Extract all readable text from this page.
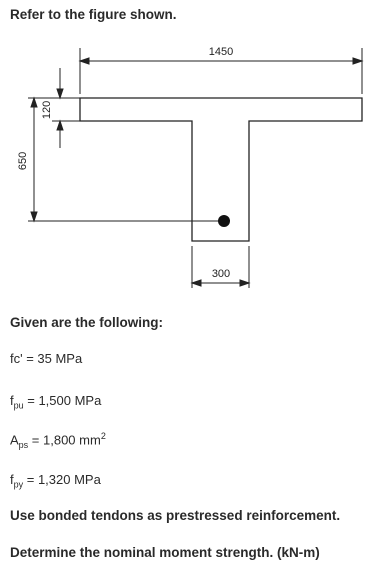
Refer to the figure shown.
1450
120
650
300
Given are the following:
fc' = 35 MPa
$f_{pu} = 1,500$ MPa
$A_{ps} = 1,800$ $mm^2$
$f_{py} = 1,320$ MPa
Use bonded tendons as prestressed reinforcement.
Determine the nominal moment strength. (kN-m)
